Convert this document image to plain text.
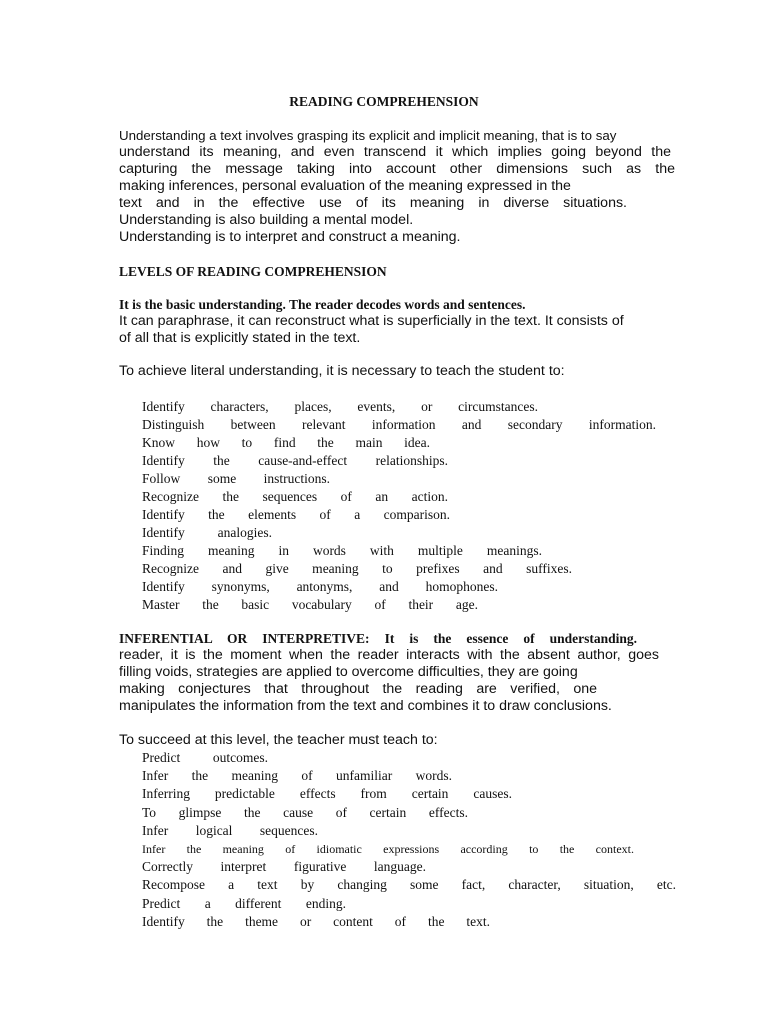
READING COMPREHENSION
Understanding a text involves grasping its explicit and implicit meaning, that is to say
understand its meaning, and even transcend it which implies going beyond the
capturing the message taking into account other dimensions such as the
making inferences, personal evaluation of the meaning expressed in the
text and in the effective use of its meaning in diverse situations.
Understanding is also building a mental model.
Understanding is to interpret and construct a meaning.
LEVELS OF READING COMPREHENSION
It is the basic understanding. The reader decodes words and sentences.
It can paraphrase, it can reconstruct what is superficially in the text. It consists of
of all that is explicitly stated in the text.
To achieve literal understanding, it is necessary to teach the student to:
Identify characters, places, events, or circumstances.
Distinguish between relevant information and secondary information.
Know how to find the main idea.
Identify the cause-and-effect relationships.
Follow some instructions.
Recognize the sequences of an action.
Identify the elements of a comparison.
Identify analogies.
Finding meaning in words with multiple meanings.
Recognize and give meaning to prefixes and suffixes.
Identify synonyms, antonyms, and homophones.
Master the basic vocabulary of their age.
INFERENTIAL OR INTERPRETIVE: It is the essence of understanding.
reader, it is the moment when the reader interacts with the absent author, goes
filling voids, strategies are applied to overcome difficulties, they are going
making conjectures that throughout the reading are verified, one
manipulates the information from the text and combines it to draw conclusions.
To succeed at this level, the teacher must teach to:
Predict outcomes.
Infer the meaning of unfamiliar words.
Inferring predictable effects from certain causes.
To glimpse the cause of certain effects.
Infer logical sequences.
Infer the meaning of idiomatic expressions according to the context.
Correctly interpret figurative language.
Recompose a text by changing some fact, character, situation, etc.
Predict a different ending.
Identify the theme or content of the text.
